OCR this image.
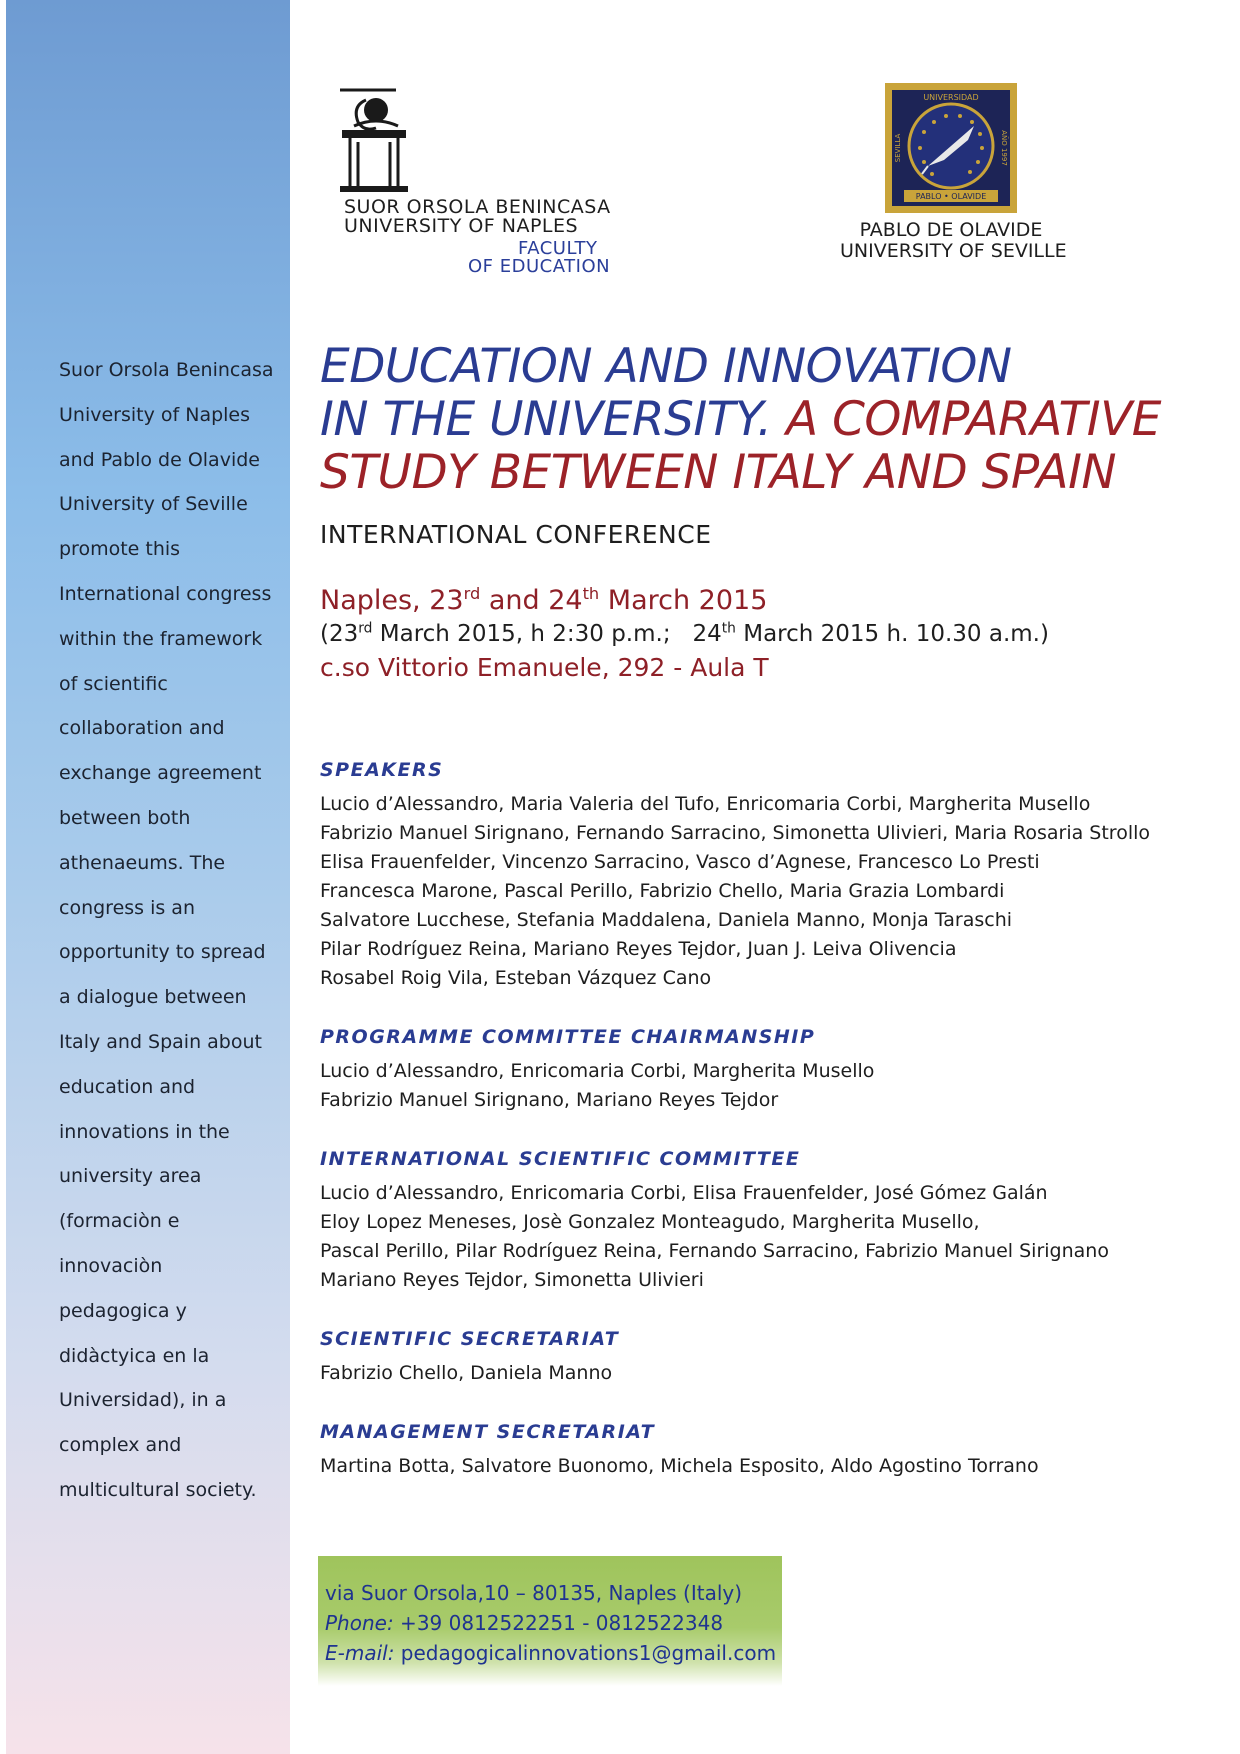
Suor Orsola Benincasa
University of Naples
and Pablo de Olavide
University of Seville
promote this
International congress
within the framework
of scientific
collaboration and
exchange agreement
between both
athenaeums. The
congress is an
opportunity to spread
a dialogue between
Italy and Spain about
education and
innovations in the
university area
(formaciòn e
innovaciòn
pedagogica y
didàctyica en la
Universidad), in a
complex and
multicultural society.
SUOR ORSOLA BENINCASA
UNIVERSITY OF NAPLES
FACULTY
OF EDUCATION
UNIVERSIDAD
SEVILLA	AÑO 1997
PABLO • OLAVIDE
PABLO DE OLAVIDE
UNIVERSITY OF SEVILLE
EDUCATION AND INNOVATION
IN THE UNIVERSITY. A COMPARATIVE
STUDY BETWEEN ITALY AND SPAIN
INTERNATIONAL CONFERENCE
Naples, 23rd and 24th March 2015
(23rd March 2015, h 2:30 p.m.;   24th March 2015 h. 10.30 a.m.)
c.so Vittorio Emanuele, 292 - Aula T
SPEAKERS
Lucio d’Alessandro, Maria Valeria del Tufo, Enricomaria Corbi, Margherita Musello
Fabrizio Manuel Sirignano, Fernando Sarracino, Simonetta Ulivieri, Maria Rosaria Strollo
Elisa Frauenfelder, Vincenzo Sarracino, Vasco d’Agnese, Francesco Lo Presti
Francesca Marone, Pascal Perillo, Fabrizio Chello, Maria Grazia Lombardi
Salvatore Lucchese, Stefania Maddalena, Daniela Manno, Monja Taraschi
Pilar Rodríguez Reina, Mariano Reyes Tejdor, Juan J. Leiva Olivencia
Rosabel Roig Vila, Esteban Vázquez Cano
PROGRAMME COMMITTEE CHAIRMANSHIP
Lucio d’Alessandro, Enricomaria Corbi, Margherita Musello
Fabrizio Manuel Sirignano, Mariano Reyes Tejdor
INTERNATIONAL SCIENTIFIC COMMITTEE
Lucio d’Alessandro, Enricomaria Corbi, Elisa Frauenfelder, José Gómez Galán
Eloy Lopez Meneses, Josè Gonzalez Monteagudo, Margherita Musello,
Pascal Perillo, Pilar Rodríguez Reina, Fernando Sarracino, Fabrizio Manuel Sirignano
Mariano Reyes Tejdor, Simonetta Ulivieri
SCIENTIFIC SECRETARIAT
Fabrizio Chello, Daniela Manno
MANAGEMENT SECRETARIAT
Martina Botta, Salvatore Buonomo, Michela Esposito, Aldo Agostino Torrano
via Suor Orsola,10 – 80135, Naples (Italy)
Phone: +39 0812522251 - 0812522348
E-mail: pedagogicalinnovations1@gmail.com
